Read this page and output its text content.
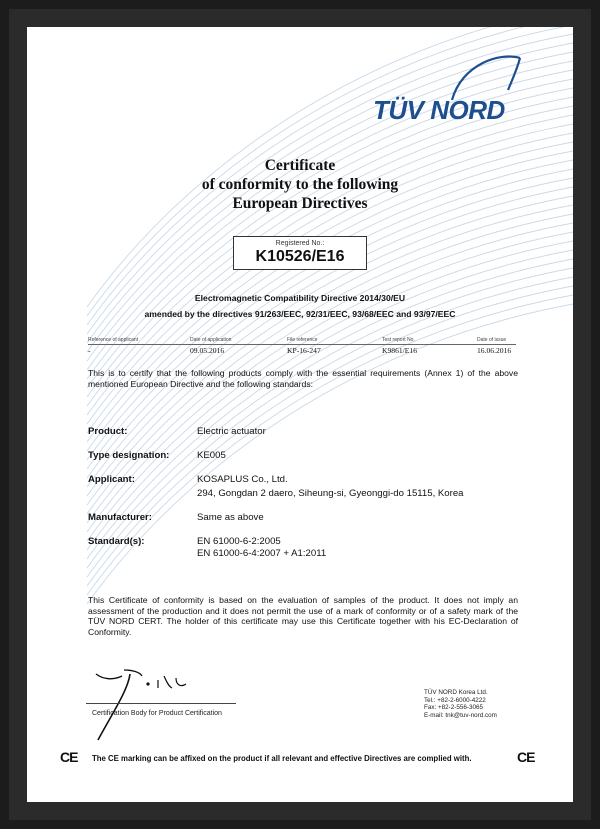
TÜV NORD
Certificate
of conformity to the following
European Directives
Registered No.:
K10526/E16
Electromagnetic Compatibility Directive 2014/30/EU
amended by the directives 91/263/EEC, 92/31/EEC, 93/68/EEC and 93/97/EEC
Reference of applicant	Date of application	File reference	Test report No.	Date of issue
-	09.05.2016	KP-16-247	K9861/E16	16.06.2016
This is to certify that the following products comply with the essential requirements (Annex 1) of the above mentioned European Directive and the following standards:
Product:	Electric actuator
Type designation:	KE005
Applicant:	KOSAPLUS Co., Ltd.
294, Gongdan 2 daero, Siheung-si, Gyeonggi-do 15115, Korea
Manufacturer:	Same as above
Standard(s):	EN 61000-6-2:2005
EN 61000-6-4:2007 + A1:2011
This Certificate of conformity is based on the evaluation of samples of the product. It does not imply an assessment of the production and it does not permit the use of a mark of conformity or of a safety mark of the TÜV NORD CERT. The holder of this certificate may use this Certificate together with his EC-Declaration of Conformity.
Certification Body for Product Certification
TÜV NORD Korea Ltd.
Tel.: +82-2-6000-4222
Fax: +82-2-556-3065
E-mail: tnk@tuv-nord.com
CE The CE marking can be affixed on the product if all relevant and effective Directives are complied with.	CE
